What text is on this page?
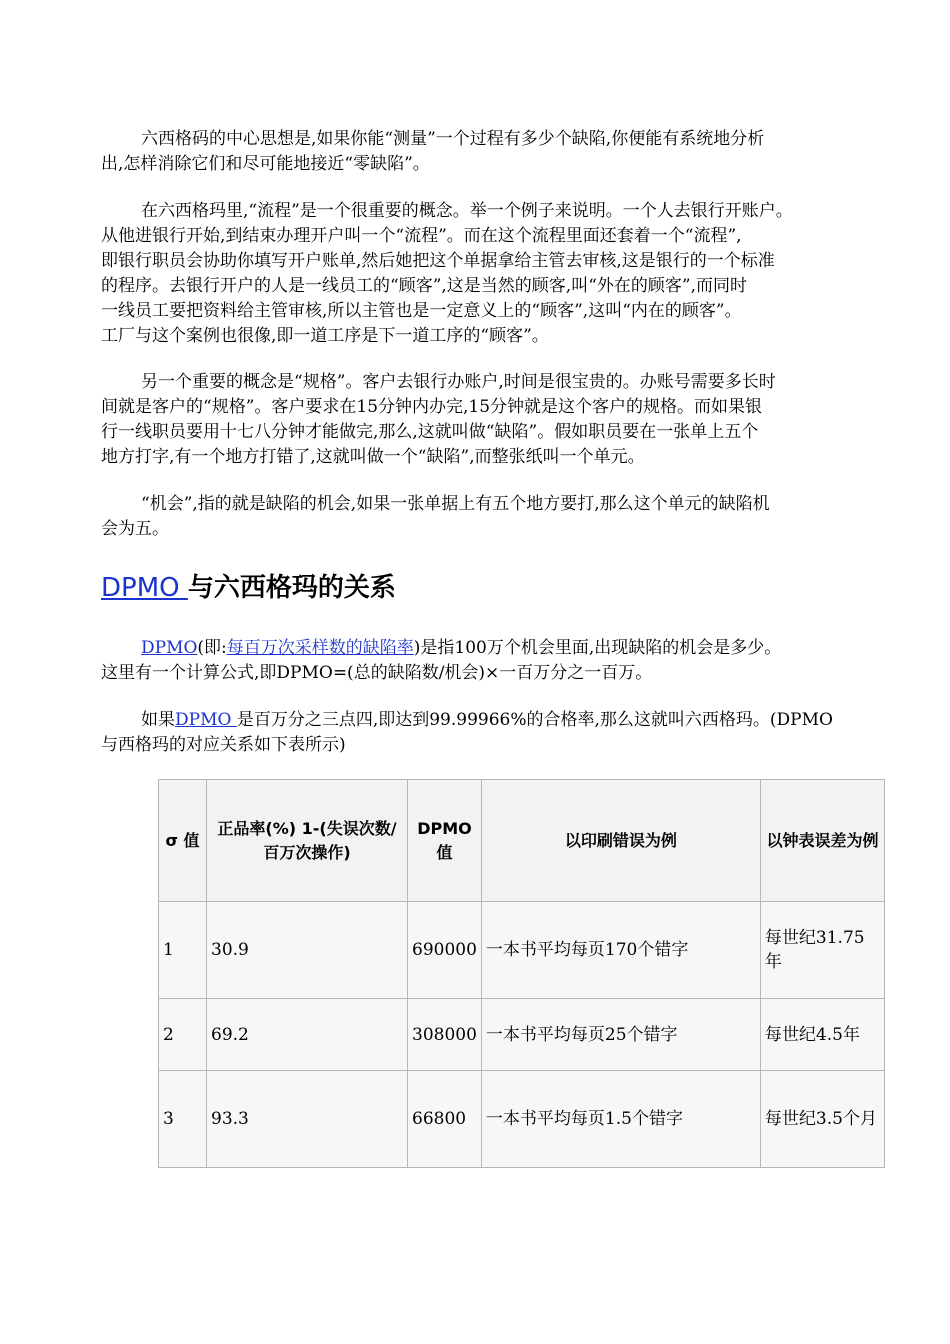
六西格码的中心思想是,如果你能“测量”一个过程有多少个缺陷,你便能有系统地分析
出,怎样消除它们和尽可能地接近“零缺陷”。

在六西格玛里,“流程”是一个很重要的概念。举一个例子来说明。一个人去银行开账户。
从他进银行开始,到结束办理开户叫一个“流程”。而在这个流程里面还套着一个“流程”,
即银行职员会协助你填写开户账单,然后她把这个单据拿给主管去审核,这是银行的一个标准
的程序。去银行开户的人是一线员工的“顾客”,这是当然的顾客,叫“外在的顾客”,而同时
一线员工要把资料给主管审核,所以主管也是一定意义上的“顾客”,这叫“内在的顾客”。
工厂与这个案例也很像,即一道工序是下一道工序的“顾客”。

另一个重要的概念是“规格”。客户去银行办账户,时间是很宝贵的。办账号需要多长时
间就是客户的“规格”。客户要求在15分钟内办完,15分钟就是这个客户的规格。而如果银
行一线职员要用十七八分钟才能做完,那么,这就叫做“缺陷”。假如职员要在一张单上五个
地方打字,有一个地方打错了,这就叫做一个“缺陷”,而整张纸叫一个单元。

“机会”,指的就是缺陷的机会,如果一张单据上有五个地方要打,那么这个单元的缺陷机
会为五。

DPMO 与六西格玛的关系

DPMO(即:每百万次采样数的缺陷率)是指100万个机会里面,出现缺陷的机会是多少。
这里有一个计算公式,即DPMO=(总的缺陷数/机会)×一百万分之一百万。

如果DPMO 是百万分之三点四,即达到99.99966%的合格率,那么这就叫六西格玛。(DPMO
与西格玛的对应关系如下表所示)

σ 值	正品率(%) 1-(失误次数/百万次操作)	DPMO值	以印刷错误为例	以钟表误差为例
1	30.9	690000	一本书平均每页170个错字	每世纪31.75年
2	69.2	308000	一本书平均每页25个错字	每世纪4.5年
3	93.3	66800	一本书平均每页1.5个错字	每世纪3.5个月
